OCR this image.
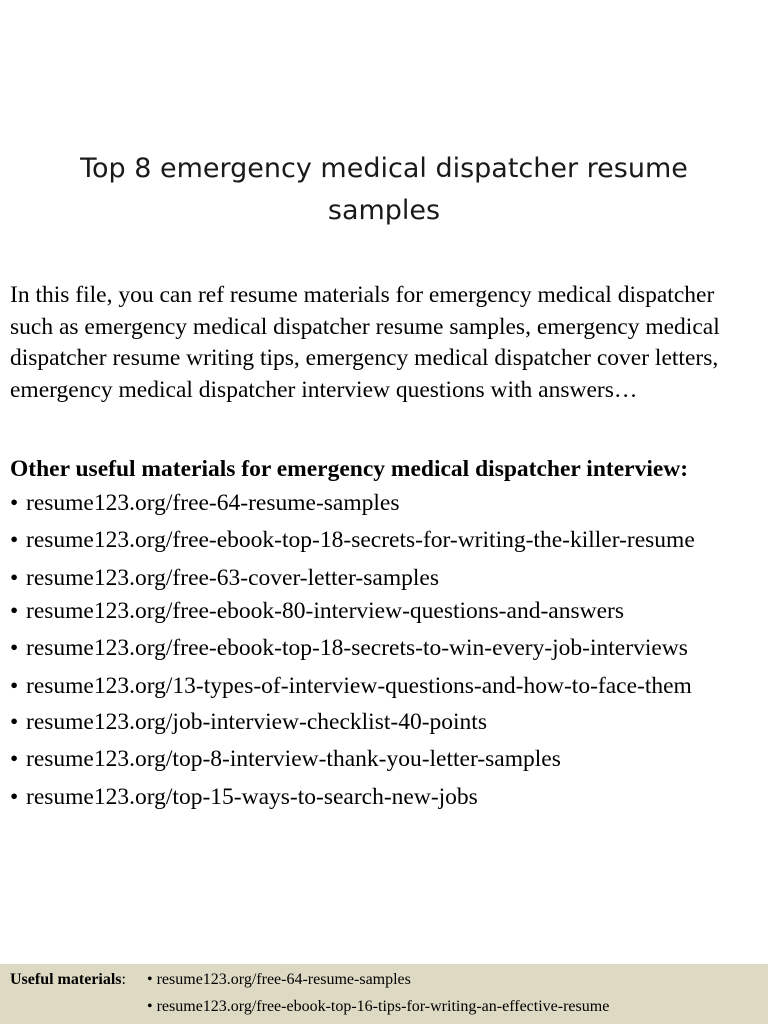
Top 8 emergency medical dispatcher resume samples

In this file, you can ref resume materials for emergency medical dispatcher such as emergency medical dispatcher resume samples, emergency medical dispatcher resume writing tips, emergency medical dispatcher cover letters, emergency medical dispatcher interview questions with answers…

Other useful materials for emergency medical dispatcher interview:

• resume123.org/free-64-resume-samples
• resume123.org/free-ebook-top-18-secrets-for-writing-the-killer-resume
• resume123.org/free-63-cover-letter-samples
• resume123.org/free-ebook-80-interview-questions-and-answers
• resume123.org/free-ebook-top-18-secrets-to-win-every-job-interviews
• resume123.org/13-types-of-interview-questions-and-how-to-face-them
• resume123.org/job-interview-checklist-40-points
• resume123.org/top-8-interview-thank-you-letter-samples
• resume123.org/top-15-ways-to-search-new-jobs
Useful materials: • resume123.org/free-64-resume-samples
• resume123.org/free-ebook-top-16-tips-for-writing-an-effective-resume
